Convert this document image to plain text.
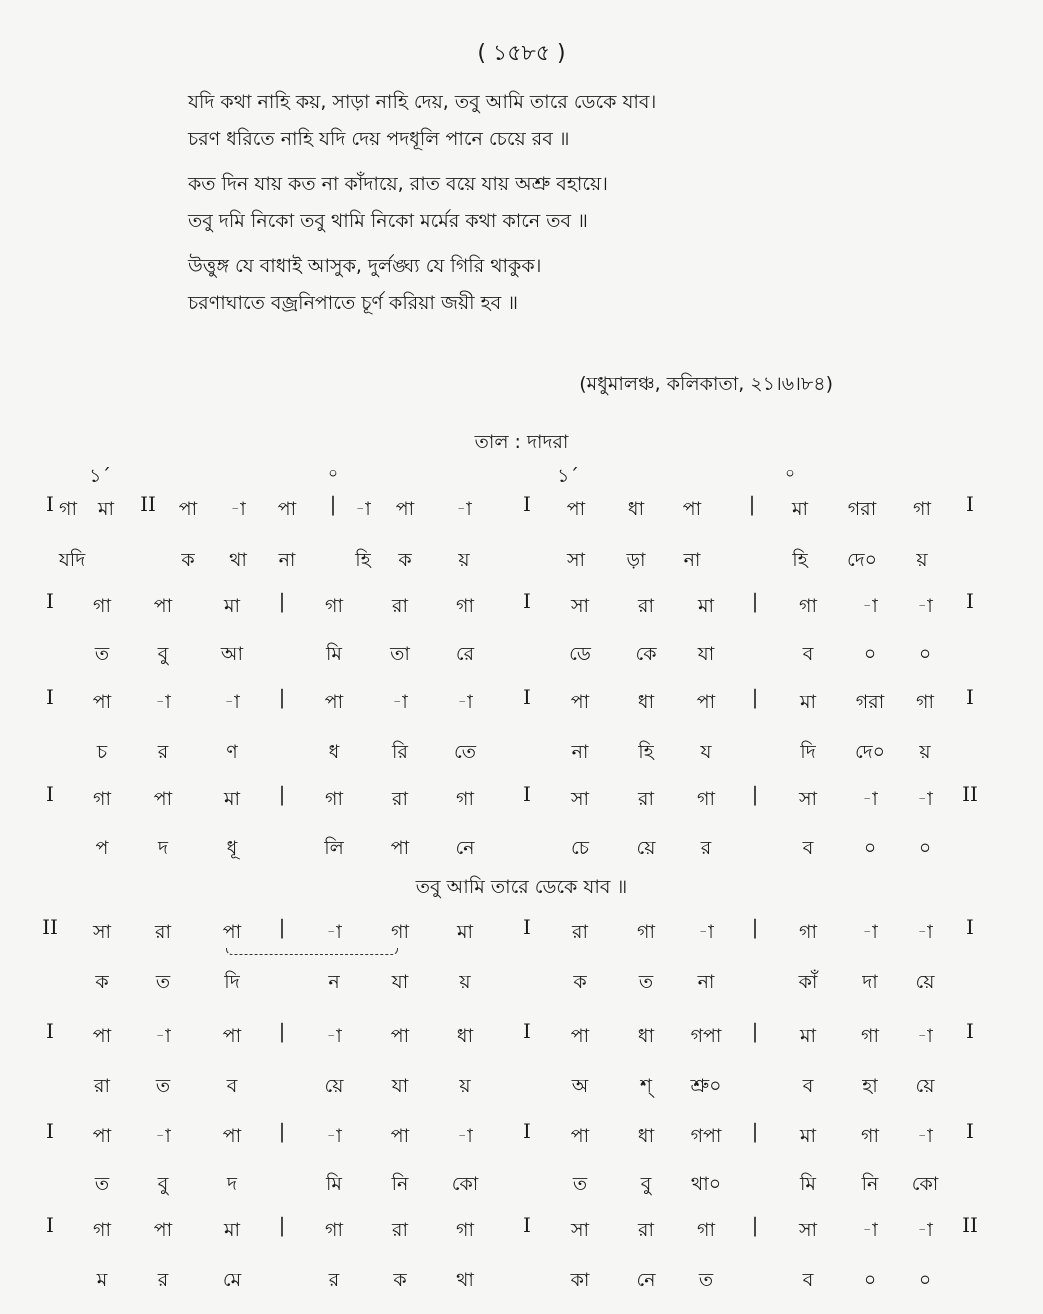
( ১৫৮৫ )
যদি কথা নাহি কয়, সাড়া নাহি দেয়, তবু আমি তারে ডেকে যাব।
চরণ ধরিতে নাহি যদি দেয় পদধূলি পানে চেয়ে রব ॥
কত দিন যায় কত না কাঁদায়ে, রাত বয়ে যায় অশ্রু বহায়ে।
তবু দমি নিকো তবু থামি নিকো মর্মের কথা কানে তব ॥
উত্তুঙ্গ যে বাধাই আসুক, দুর্লঙ্ঘ্য যে গিরি থাকুক।
চরণাঘাতে বজ্রনিপাতে চূর্ণ করিয়া জয়ী হব ॥
(মধুমালঞ্চ, কলিকাতা, ২১।৬।৮৪)
তাল : দাদরা
১´	০	১´	০
তবু আমি তারে ডেকে যাব ॥
I গা মা II পা -া পা | -া পা -া	I পা ধা পা | মা গরা গা I
যদি	ক থা না	হি ক য়	সা ড়া না	হি দে০ য়
I গা পা	মা | গা	রা	গা I সা	রা মা | গা -া -া I
ত	বু	আ	মি	তা রে	ডে কে যা	ব	০ ০
I পা -া	-া | পা	-া	-া	I পা	ধা পা | মা গরা গা I
চ	র	ণ	ধ	রি তে	না	হি য	দি দে০ য়
I গা পা	মা | গা	রা	গা I সা	রা গা | সা -া -া II
প	দ	ধূ	লি পা নে	চে	য়ে র	ব	০ ০
II সা রা	পা | -া	গা	মা	I রা	গা -া | গা -া -া I
ক ত	দি	ন	যা	য়	ক	ত না	কাঁ দা য়ে
I পা -া	পা | -া	পা	ধা I পা	ধা গপা | মা গা -া I
রা ত	ব	য়ে	যা	য়	অ	শ্ শ্রু০	ব	হা য়ে
I পা -া	পা | -া	পা	-া	I পা	ধা গপা | মা গা -া I
ত	বু	দ	মি	নি কো	ত	বু থা০	মি নি কো
I গা পা	মা | গা	রা	গা I সা	রা গা | সা -া -া II
ম	র	মে	র	ক	থা	কা নে ত	ব	০ ০
